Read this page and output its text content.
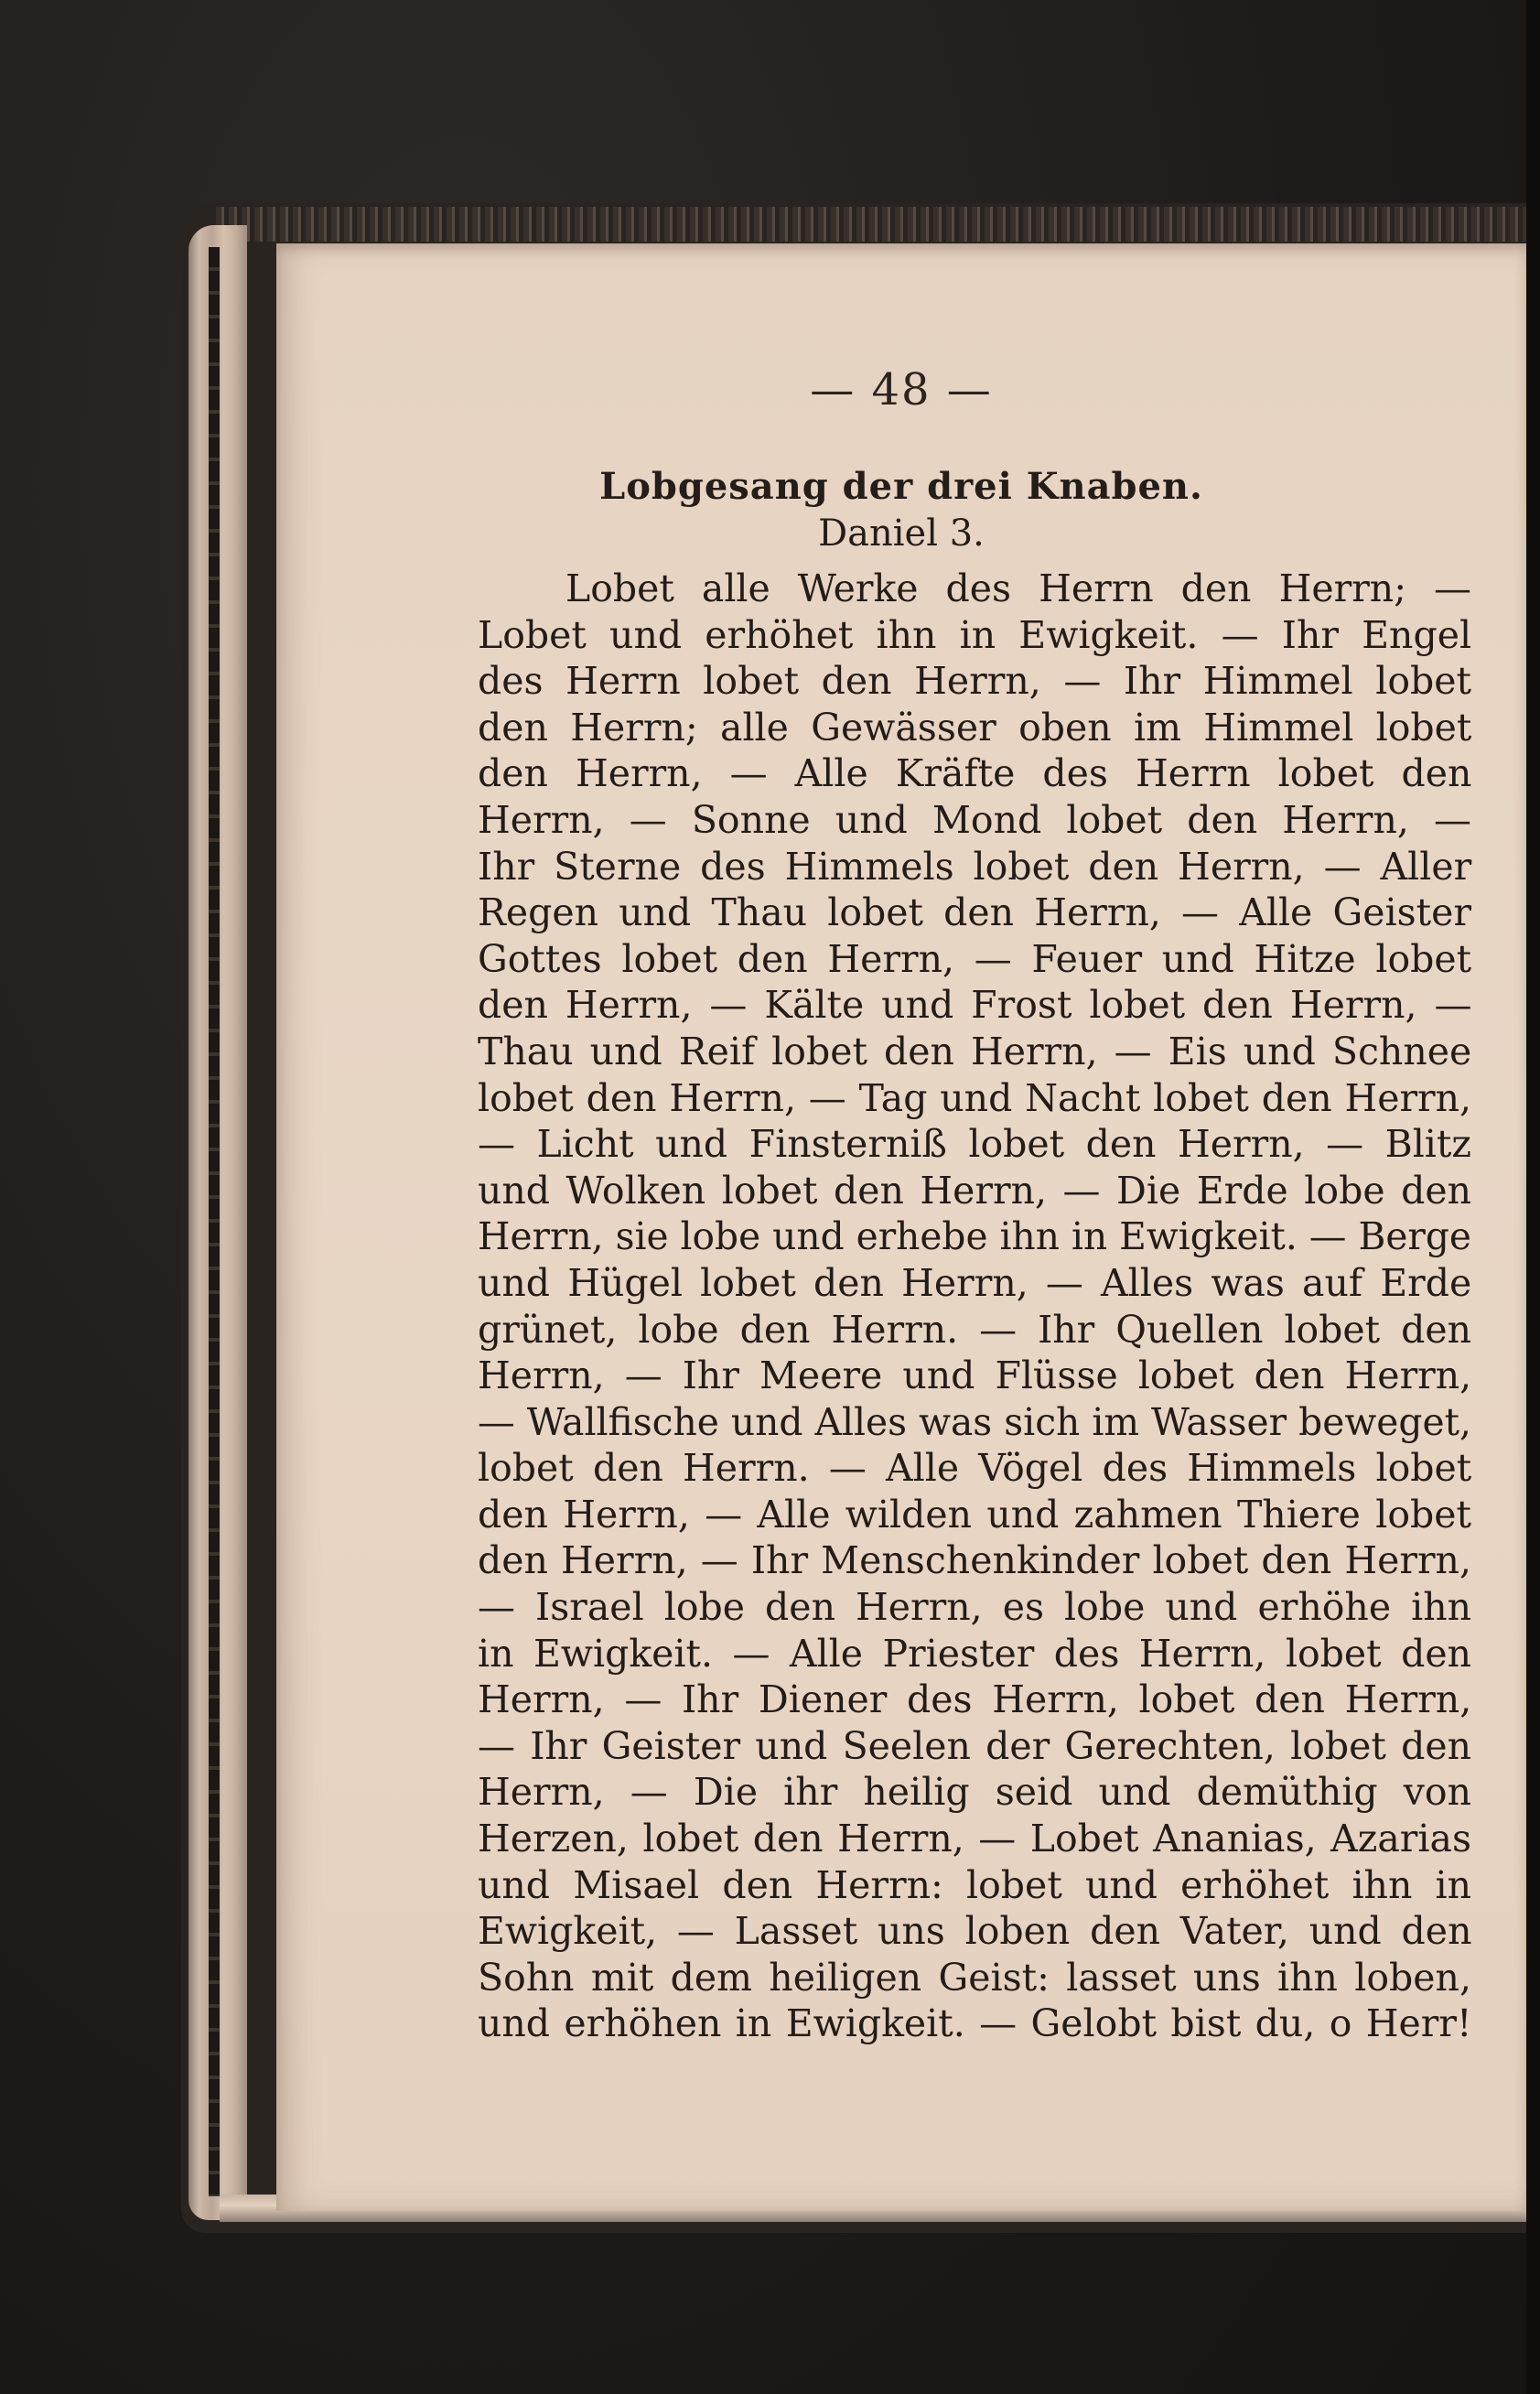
— 48 —
Lobgesang der drei Knaben.
Daniel 3.
Lobet alle Werke des Herrn den Herrn; —
Lobet und erhöhet ihn in Ewigkeit. — Ihr Engel
des Herrn lobet den Herrn, — Ihr Himmel lobet
den Herrn; alle Gewässer oben im Himmel lobet
den Herrn, — Alle Kräfte des Herrn lobet den
Herrn, — Sonne und Mond lobet den Herrn, —
Ihr Sterne des Himmels lobet den Herrn, — Aller
Regen und Thau lobet den Herrn, — Alle Geister
Gottes lobet den Herrn, — Feuer und Hitze lobet
den Herrn, — Kälte und Frost lobet den Herrn, —
Thau und Reif lobet den Herrn, — Eis und Schnee
lobet den Herrn, — Tag und Nacht lobet den Herrn,
— Licht und Finsterniß lobet den Herrn, — Blitz
und Wolken lobet den Herrn, — Die Erde lobe den
Herrn, sie lobe und erhebe ihn in Ewigkeit. — Berge
und Hügel lobet den Herrn, — Alles was auf Erde
grünet, lobe den Herrn. — Ihr Quellen lobet den
Herrn, — Ihr Meere und Flüsse lobet den Herrn,
— Wallfische und Alles was sich im Wasser beweget,
lobet den Herrn. — Alle Vögel des Himmels lobet
den Herrn, — Alle wilden und zahmen Thiere lobet
den Herrn, — Ihr Menschenkinder lobet den Herrn,
— Israel lobe den Herrn, es lobe und erhöhe ihn
in Ewigkeit. — Alle Priester des Herrn, lobet den
Herrn, — Ihr Diener des Herrn, lobet den Herrn,
— Ihr Geister und Seelen der Gerechten, lobet den
Herrn, — Die ihr heilig seid und demüthig von
Herzen, lobet den Herrn, — Lobet Ananias, Azarias
und Misael den Herrn: lobet und erhöhet ihn in
Ewigkeit, — Lasset uns loben den Vater, und den
Sohn mit dem heiligen Geist: lasset uns ihn loben,
und erhöhen in Ewigkeit. — Gelobt bist du, o Herr!
